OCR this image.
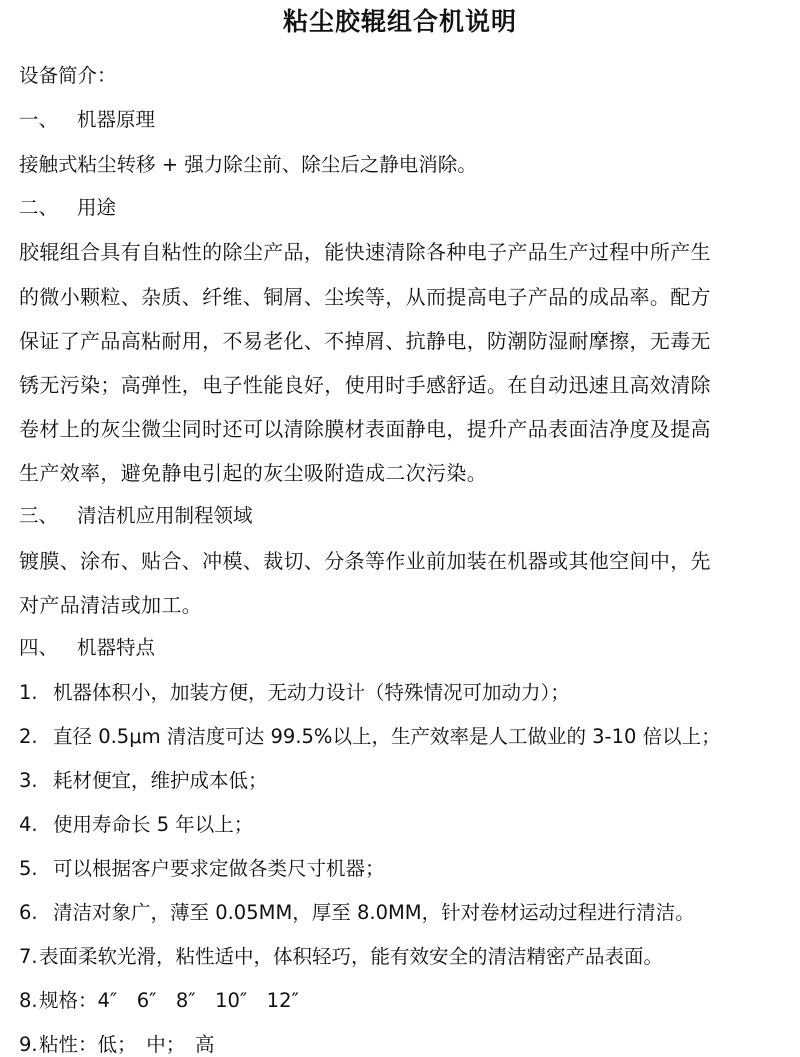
粘尘胶辊组合机说明
设备简介：
一、 机器原理
接触式粘尘转移 + 强力除尘前、除尘后之静电消除。
二、 用途
胶辊组合具有自粘性的除尘产品，能快速清除各种电子产品生产过程中所产生
的微小颗粒、杂质、纤维、铜屑、尘埃等，从而提高电子产品的成品率。配方
保证了产品高粘耐用，不易老化、不掉屑、抗静电，防潮防湿耐摩擦，无毒无
锈无污染；高弹性，电子性能良好，使用时手感舒适。在自动迅速且高效清除
卷材上的灰尘微尘同时还可以清除膜材表面静电，提升产品表面洁净度及提高
生产效率，避免静电引起的灰尘吸附造成二次污染。
三、 清洁机应用制程领域
镀膜、涂布、贴合、冲模、裁切、分条等作业前加装在机器或其他空间中，先
对产品清洁或加工。
四、 机器特点
1. 机器体积小，加装方便，无动力设计（特殊情况可加动力）；
2. 直径 0.5μm 清洁度可达 99.5%以上，生产效率是人工做业的 3-10 倍以上；
3. 耗材便宜，维护成本低；
4. 使用寿命长 5 年以上；
5. 可以根据客户要求定做各类尺寸机器；
6. 清洁对象广，薄至 0.05MM，厚至 8.0MM，针对卷材运动过程进行清洁。
7.表面柔软光滑，粘性适中，体积轻巧，能有效安全的清洁精密产品表面。
8.规格：4″　6″　8″　10″　12″
9.粘性：低；　中；　高
